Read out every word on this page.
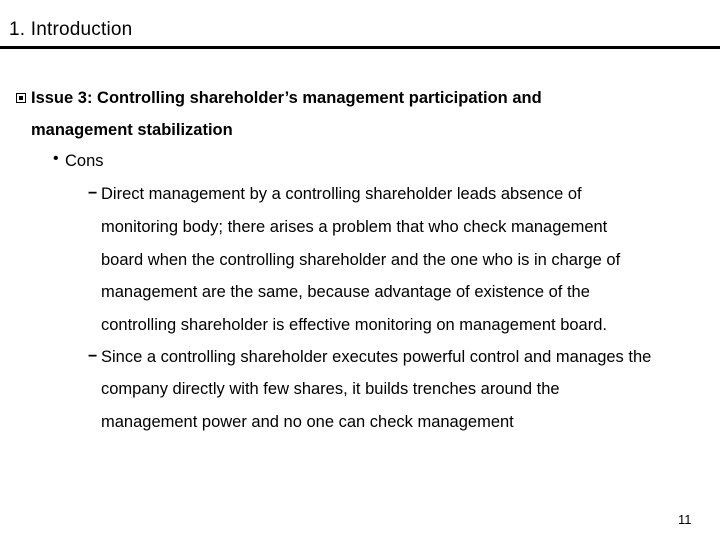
1. Introduction
Issue 3: Controlling shareholder’s management participation and
management stabilization
• Cons
− Direct management by a controlling shareholder leads absence of
monitoring body; there arises a problem that who check management
board when the controlling shareholder and the one who is in charge of
management are the same, because advantage of existence of the
controlling shareholder is effective monitoring on management board.
− Since a controlling shareholder executes powerful control and manages the
company directly with few shares, it builds trenches around the
management power and no one can check management
11
